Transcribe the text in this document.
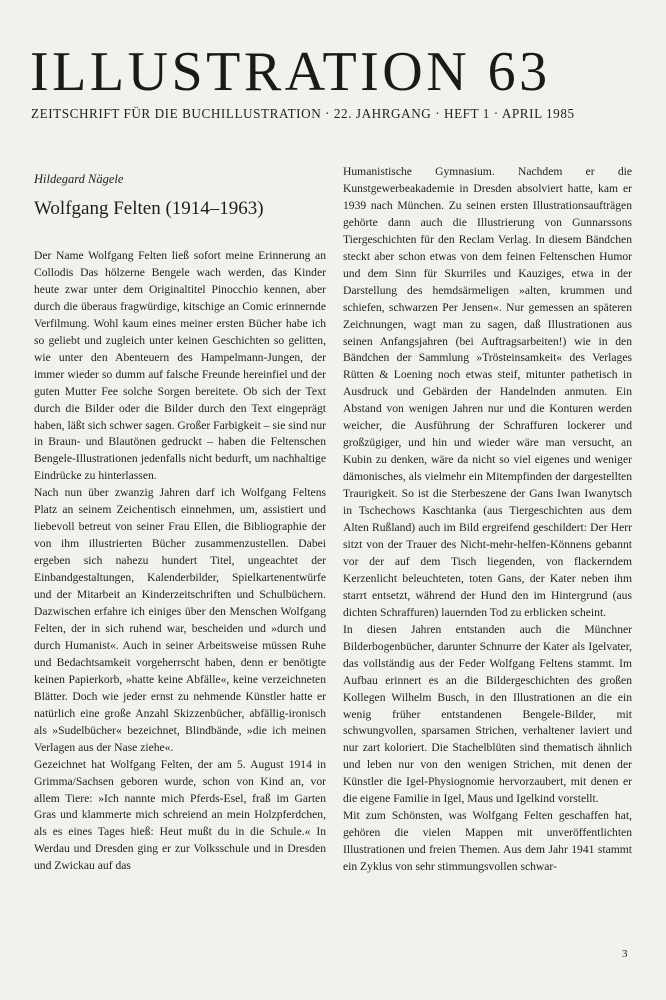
ILLUSTRATION 63
ZEITSCHRIFT FÜR DIE BUCHILLUSTRATION · 22. JAHRGANG · HEFT 1 · APRIL 1985
Hildegard Nägele
Wolfgang Felten (1914–1963)

Der Name Wolfgang Felten ließ sofort meine Erinnerung an Collodis Das hölzerne Bengele wach werden, das Kinder heute zwar unter dem Originaltitel Pinocchio kennen, aber durch die überaus fragwürdige, kitschige an Comic erinnernde Verfilmung. Wohl kaum eines meiner ersten Bücher habe ich so geliebt und zugleich unter keinen Geschichten so gelitten, wie unter den Abenteuern des Hampelmann-Jungen, der immer wieder so dumm auf falsche Freunde hereinfiel und der guten Mutter Fee solche Sorgen bereitete. Ob sich der Text durch die Bilder oder die Bilder durch den Text eingeprägt haben, läßt sich schwer sagen. Großer Farbigkeit – sie sind nur in Braun- und Blautönen gedruckt – haben die Feltenschen Bengele-Illustrationen jedenfalls nicht bedurft, um nachhaltige Eindrücke zu hinterlassen.

Nach nun über zwanzig Jahren darf ich Wolfgang Feltens Platz an seinem Zeichentisch einnehmen, um, assistiert und liebevoll betreut von seiner Frau Ellen, die Bibliographie der von ihm illustrierten Bücher zusammenzustellen. Dabei ergeben sich nahezu hundert Titel, ungeachtet der Einbandgestaltungen, Kalenderbilder, Spielkartenentwürfe und der Mitarbeit an Kinderzeitschriften und Schulbüchern. Dazwischen erfahre ich einiges über den Menschen Wolfgang Felten, der in sich ruhend war, bescheiden und »durch und durch Humanist«. Auch in seiner Arbeitsweise müssen Ruhe und Bedachtsamkeit vorgeherrscht haben, denn er benötigte keinen Papierkorb, »hatte keine Abfälle«, keine verzeichneten Blätter. Doch wie jeder ernst zu nehmende Künstler hatte er natürlich eine große Anzahl Skizzenbücher, abfällig-ironisch als »Sudelbücher« bezeichnet, Blindbände, »die ich meinen Verlagen aus der Nase ziehe«.

Gezeichnet hat Wolfgang Felten, der am 5. August 1914 in Grimma/Sachsen geboren wurde, schon von Kind an, vor allem Tiere: »Ich nannte mich Pferds-Esel, fraß im Garten Gras und klammerte mich schreiend an mein Holzpferdchen, als es eines Tages hieß: Heut mußt du in die Schule.« In Werdau und Dresden ging er zur Volksschule und in Dresden und Zwickau auf das

Humanistische Gymnasium. Nachdem er die Kunstgewerbeakademie in Dresden absolviert hatte, kam er 1939 nach München. Zu seinen ersten Illustrationsaufträgen gehörte dann auch die Illustrierung von Gunnarssons Tiergeschichten für den Reclam Verlag. In diesem Bändchen steckt aber schon etwas von dem feinen Feltenschen Humor und dem Sinn für Skurriles und Kauziges, etwa in der Darstellung des hemdsärmeligen »alten, krummen und schiefen, schwarzen Per Jensen«. Nur gemessen an späteren Zeichnungen, wagt man zu sagen, daß Illustrationen aus seinen Anfangsjahren (bei Auftragsarbeiten!) wie in den Bändchen der Sammlung »Trösteinsamkeit« des Verlages Rütten & Loening noch etwas steif, mitunter pathetisch in Ausdruck und Gebärden der Handelnden anmuten. Ein Abstand von wenigen Jahren nur und die Konturen werden weicher, die Ausführung der Schraffuren lockerer und großzügiger, und hin und wieder wäre man versucht, an Kubin zu denken, wäre da nicht so viel eigenes und weniger dämonisches, als vielmehr ein Mitempfinden der dargestellten Traurigkeit. So ist die Sterbeszene der Gans Iwan Iwanytsch in Tschechows Kaschtanka (aus Tiergeschichten aus dem Alten Rußland) auch im Bild ergreifend geschildert: Der Herr sitzt von der Trauer des Nicht-mehr-helfen-Könnens gebannt vor der auf dem Tisch liegenden, von flackerndem Kerzenlicht beleuchteten, toten Gans, der Kater neben ihm starrt entsetzt, während der Hund den im Hintergrund (aus dichten Schraffuren) lauernden Tod zu erblicken scheint.

In diesen Jahren entstanden auch die Münchner Bilderbogenbücher, darunter Schnurre der Kater als Igelvater, das vollständig aus der Feder Wolfgang Feltens stammt. Im Aufbau erinnert es an die Bildergeschichten des großen Kollegen Wilhelm Busch, in den Illustrationen an die ein wenig früher entstandenen Bengele-Bilder, mit schwungvollen, sparsamen Strichen, verhaltener laviert und nur zart koloriert. Die Stachelblüten sind thematisch ähnlich und leben nur von den wenigen Strichen, mit denen der Künstler die Igel-Physiognomie hervorzaubert, mit denen er die eigene Familie in Igel, Maus und Igelkind vorstellt.

Mit zum Schönsten, was Wolfgang Felten geschaffen hat, gehören die vielen Mappen mit unveröffentlichten Illustrationen und freien Themen. Aus dem Jahr 1941 stammt ein Zyklus von sehr stimmungsvollen schwar-

3
